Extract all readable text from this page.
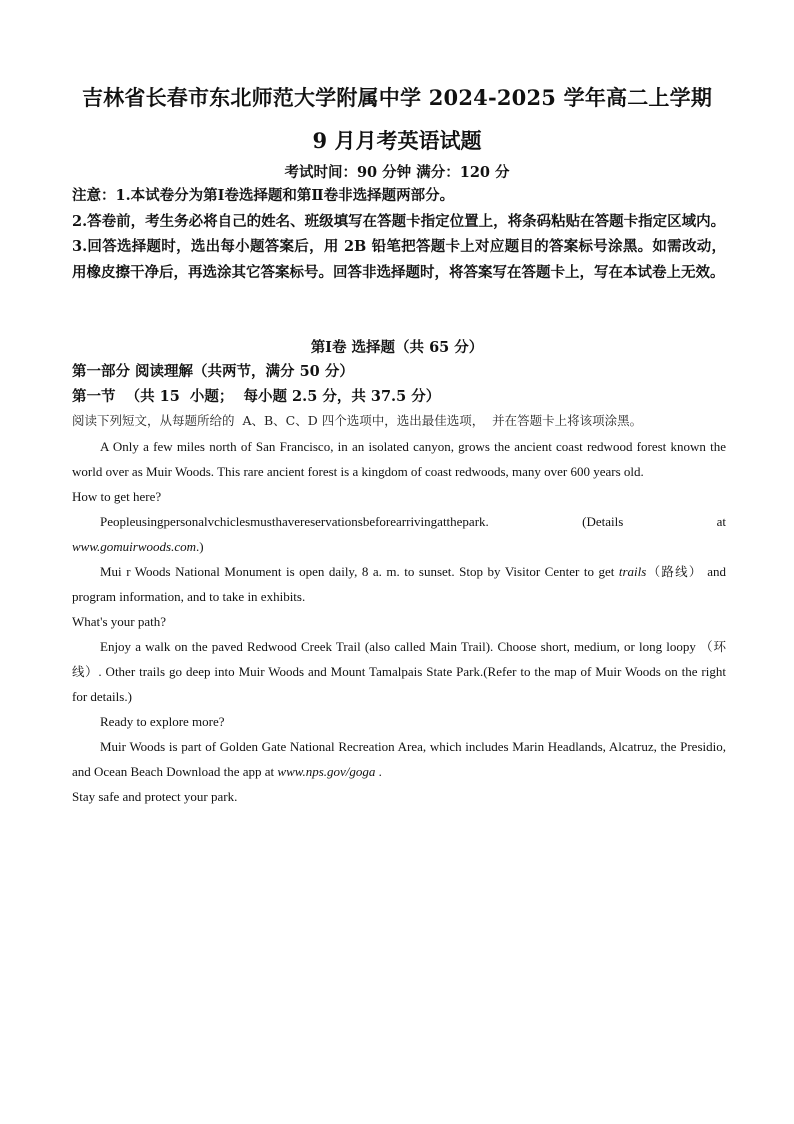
吉林省长春市东北师范大学附属中学 2024-2025 学年高二上学期
9 月月考英语试题
考试时间：90 分钟 满分：120 分

注意：1.本试卷分为第Ⅰ卷选择题和第Ⅱ卷非选择题两部分。

2.答卷前，考生务必将自己的姓名、班级填写在答题卡指定位置上，将条码粘贴在答题卡指定区域内。

3.回答选择题时，选出每小题答案后，用 2B 铅笔把答题卡上对应题目的答案标号涂黑。如需改动，用橡皮擦干净后，再选涂其它答案标号。回答非选择题时，将答案写在答题卡上，写在本试卷上无效。

第Ⅰ卷 选择题（共 65 分）
第一部分 阅读理解（共两节，满分 50 分）
第一节  （共 15  小题；  每小题 2.5 分，共 37.5 分）
阅读下列短文，从每题所给的  A、B、C、D 四个选项中，选出最佳选项，  并在答题卡上将该项涂黑。

A Only a few miles north of San Francisco, in an isolated canyon, grows the ancient coast redwood forest known the world over as Muir Woods. This rare ancient forest is a kingdom of coast redwoods, many over 600 years old.

How to get here?

Peopleusingpersonalvchiclesmusthavereservationsbeforearrivingatthepark.	(Details	at

www.gomuirwoods.com.)

Mui r Woods National Monument is open daily, 8 a. m. to sunset. Stop by Visitor Center to get trails（路线） and program information, and to take in exhibits.

What's your path?

Enjoy a walk on the paved Redwood Creek Trail (also called Main Trail). Choose short, medium, or long loopy （环线）. Other trails go deep into Muir Woods and Mount Tamalpais State Park.(Refer to the map of Muir Woods on the right for details.)

Ready to explore more?

Muir Woods is part of Golden Gate National Recreation Area, which includes Marin Headlands, Alcatruz, the Presidio, and Ocean Beach Download the app at www.nps.gov/goga .

Stay safe and protect your park.
